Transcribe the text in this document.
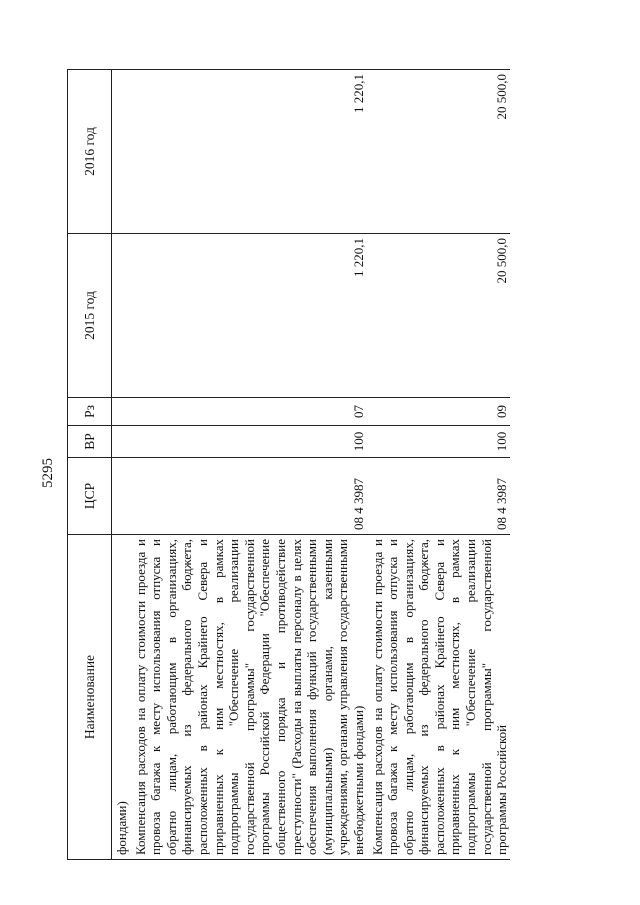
5295
Наименование	ЦСР	ВР	Рз	2015 год	2016 год
фондами)					
Компенсация расходов на оплату стоимости проезда и провоза багажа к месту использования отпуска и обратно лицам, работающим в организациях, финансируемых из федерального бюджета, расположенных в районах Крайнего Севера и приравненных к ним местностях, в рамках подпрограммы "Обеспечение реализации государственной программы" государственной программы Российской Федерации "Обеспечение общественного порядка и противодействие преступности" (Расходы на выплаты персоналу в целях обеспечения выполнения функций государственными (муниципальными) органами, казенными учреждениями, органами управления государственными внебюджетными фондами)	08 4 3987	100	07	1 220,1	1 220,1
Компенсация расходов на оплату стоимости проезда и провоза багажа к месту использования отпуска и обратно лицам, работающим в организациях, финансируемых из федерального бюджета, расположенных в районах Крайнего Севера и приравненных к ним местностях, в рамках подпрограммы "Обеспечение реализации государственной программы" государственной программы Российской	08 4 3987	100	09	20 500,0	20 500,0
